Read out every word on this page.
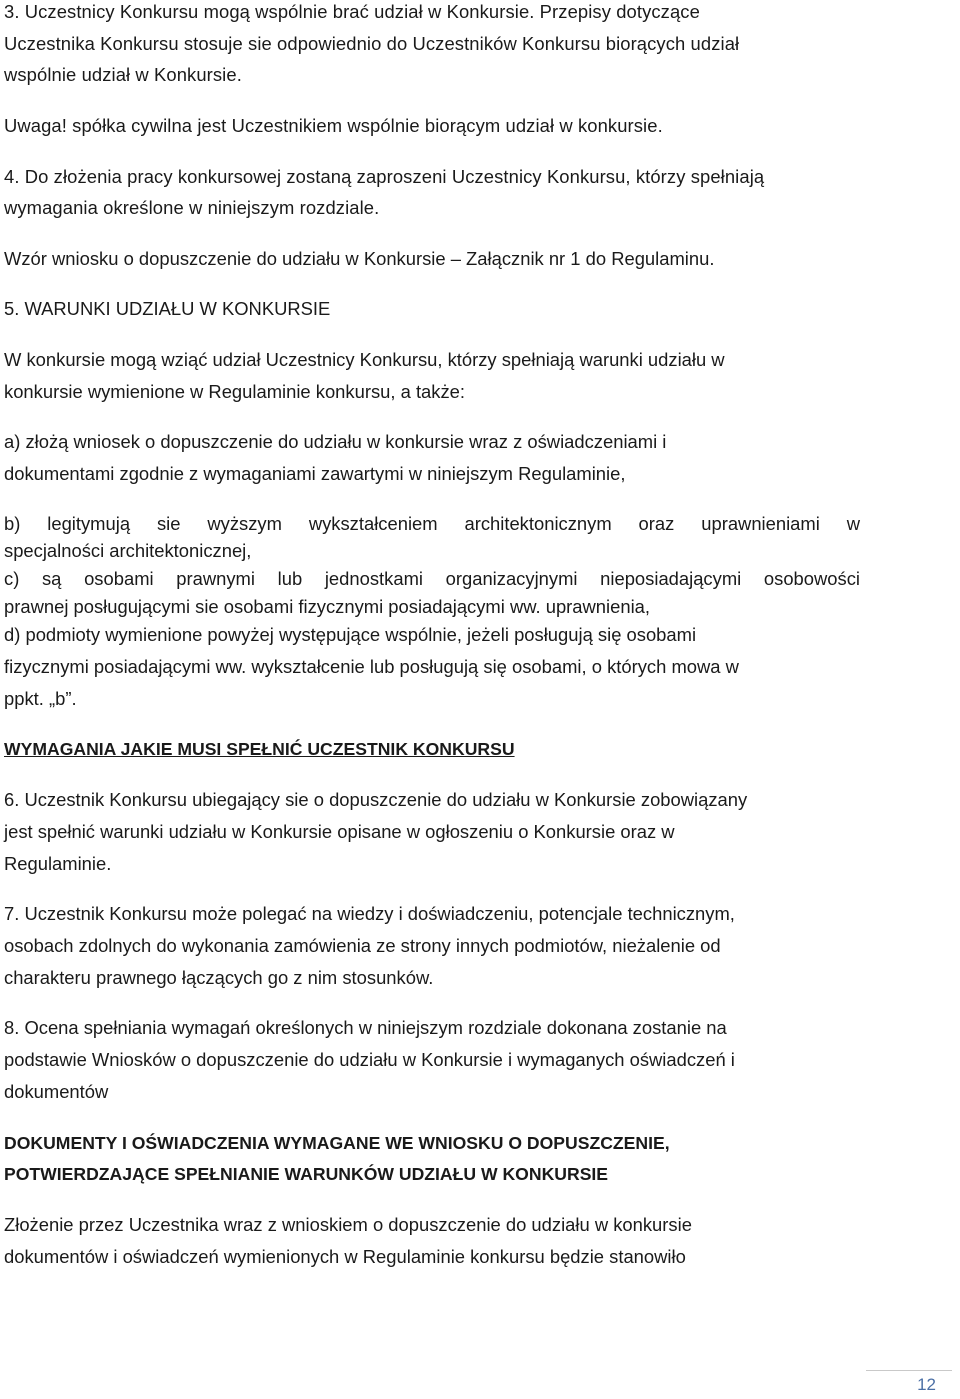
3. Uczestnicy Konkursu mogą wspólnie brać udział w Konkursie. Przepisy dotyczące
Uczestnika Konkursu stosuje sie odpowiednio do Uczestników Konkursu biorących udział
wspólnie udział w Konkursie.
Uwaga! spółka cywilna jest Uczestnikiem wspólnie biorącym udział w konkursie.
4. Do złożenia pracy konkursowej zostaną zaproszeni Uczestnicy Konkursu, którzy spełniają
wymagania określone w niniejszym rozdziale.
Wzór wniosku o dopuszczenie do udziału w Konkursie – Załącznik nr 1 do Regulaminu.
5. WARUNKI UDZIAŁU W KONKURSIE
W konkursie mogą wziąć udział Uczestnicy Konkursu, którzy spełniają warunki udziału w
konkursie wymienione w Regulaminie konkursu, a także:
a) złożą wniosek o dopuszczenie do udziału w konkursie wraz z oświadczeniami i
dokumentami zgodnie z wymaganiami zawartymi w niniejszym Regulaminie,
b) legitymują sie wyższym wykształceniem architektonicznym oraz uprawnieniami w
specjalności architektonicznej,
c) są osobami prawnymi lub jednostkami organizacyjnymi nieposiadającymi osobowości
prawnej posługującymi sie osobami fizycznymi posiadającymi ww. uprawnienia,
d) podmioty wymienione powyżej występujące wspólnie, jeżeli posługują się osobami
fizycznymi posiadającymi ww. wykształcenie lub posługują się osobami, o których mowa w
ppkt. „b”.
WYMAGANIA JAKIE MUSI SPEŁNIĆ UCZESTNIK KONKURSU
6. Uczestnik Konkursu ubiegający sie o dopuszczenie do udziału w Konkursie zobowiązany
jest spełnić warunki udziału w Konkursie opisane w ogłoszeniu o Konkursie oraz w
Regulaminie.
7. Uczestnik Konkursu może polegać na wiedzy i doświadczeniu, potencjale technicznym,
osobach zdolnych do wykonania zamówienia ze strony innych podmiotów, nieżalenie od
charakteru prawnego łączących go z nim stosunków.
8. Ocena spełniania wymagań określonych w niniejszym rozdziale dokonana zostanie na
podstawie Wniosków o dopuszczenie do udziału w Konkursie i wymaganych oświadczeń i
dokumentów
DOKUMENTY I OŚWIADCZENIA WYMAGANE WE WNIOSKU O DOPUSZCZENIE,
POTWIERDZAJĄCE SPEŁNIANIE WARUNKÓW UDZIAŁU W KONKURSIE
Złożenie przez Uczestnika wraz z wnioskiem o dopuszczenie do udziału w konkursie
dokumentów i oświadczeń wymienionych w Regulaminie konkursu będzie stanowiło
12
